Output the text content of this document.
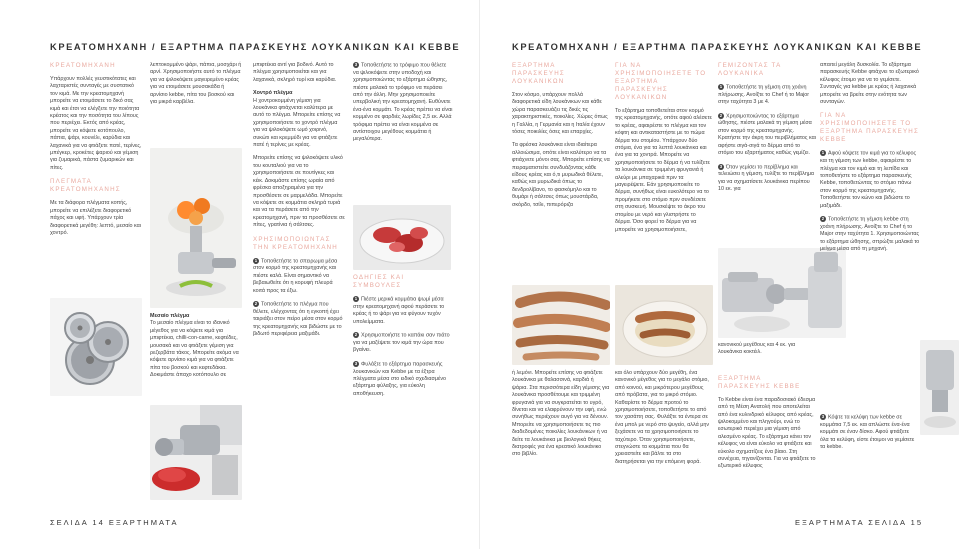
ΚΡΕΑΤΟΜΗΧΑΝΗ / ΕΞΑΡΤΗΜΑ ΠΑΡΑΣΚΕΥΗΣ ΛΟΥΚΑΝΙΚΩΝ ΚΑΙ ΚΕΒΒΕ
ΚΡΕΑΤΟΜΗΧΑΝΗ

Υπάρχουν πολλές γευστικότατες και λαχταριστές συνταγές με συστατικό τον κιμά. Με την κρεατομηχανή μπορείτε να ετοιμάσετε το δικό σας κιμά και έτσι να ελέγξετε την ποιότητα κρέατος και την ποσότητα του λίπους που περιέχει. Εκτός από κρέας, μπορείτε να κόψετε κοτόπουλο, πάπια, ψάρι, κουνέλι, καρύδια και λαχανικά για να φτιάξετε πατέ, τερίνες, μπέγκερ, κροκέτες ψαριού και γέμιση για ζυμαρικά, πάστα ζυμαρικών και πίτες.

ΠΛΕΓΜΑΤΑ ΚΡΕΑΤΟΜΗΧΑΝΗΣ

Με τα διάφορα πλέγματα κοπής, μπορείτε να επιλέξετε διαφορετικό πάχος και υφή. Υπάρχουν τρία διαφορετικά μεγέθη: λεπτό, μεσαίο και χοντρό.

λεπτοκομμένο ψάρι, πάπια, μοσχάρι ή αρνί. Χρησιμοποιήστε αυτό το πλέγμα για να ψιλοκόψετε μαγειρεμένο κρέας για να ετοιμάσετε μουσακάδα ή αρνίσιο kebbe, πίτα του βοσκού και για μικρά καρβέλα.

Μεσαίο πλέγμα

Το μεσαίο πλέγμα είναι το ιδανικό μέγεθος για να κόψετε κιμά για μπιφτέκια, chilli-con-carne, κεφτέδες, μουσακά και να φτιάξετε γέμιση για ρεζερβάτα τάκος. Μπορείτε ακόμα να κόψετε αρνίσιο κιμά για να φτιάξετε πίτα του βοσκού και κεφτεδάκια. Δοκιμάστε άπαχο κοτόπουλο σε

μπιφτέκια αντί για βοδινό. Αυτό το πλέγμα χρησιμοποιείται και για λαχανικά, σκληρό τυρί και καρύδια.

Χοντρό πλέγμα

Η χοντροκομμένη γέμιση για λουκάνικα φτιάχνεται καλύτερα με αυτό το πλέγμα. Μπορείτε επίσης να χρησιμοποιήσετε το χοντρό πλέγμα για να ψιλοκόψετε ωμό χοιρινό, συκώτι και κρεμμύδι για να φτιάξετε πατέ ή τερίνες με κρέας.

Μπορείτε επίσης να ψιλοκόψετε υλικό του κουταλιού για να το χρησιμοποιήσετε σε πουτίγκες και κέικ. Δοκιμάστε επίσης ωραία από φρέσκα αποξηραμένα για την προσθέσετε σε μαρμελάδα. Μπορείτε να κόψετε σε κομμάτια σκληρά τυριά και να τα περάσετε από την κρεατομηχανή, πριν τα προσθέσετε σε πίτες, γρατίνια ή σάλτσες.

ΧΡΗΣΙΜΟΠΟΙΩΝΤΑΣ ΤΗΝ ΚΡΕΑΤΟΜΗΧΑΝΗ

1 Τοποθετήστε το σπειρωμα μέσα στον κορμό της κρεατομηχανής και πιέστε καλά. Είναι σημαντικό να βεβαιωθείτε ότι η κορυφή πλευρά κοιτά προς τα έξω.

2 Τοποθετήστε το πλέγμα που θέλετε, ελέγχοντας ότι η εγκοπή έχει ταιριάξει στον πείρο μέσα στον κορμό της κρεατομηχανής και βιδώστε με το βιδωτό περιφέρεια μαξιμάδι.

3 Τοποθετήστε το τρόφιμο που θέλετε να ψιλοκόψετε στην υποδοχή και χρησιμοποιώντας το εξάρτημα ώθησης, πιέστε μαλακά το τρόφιμο να περάσει από την άλλη. Μην χρησιμοποιείτε υπερβολική την κρεατομηχανή. Ευθύνετε ένα-ένα κομμάτι. Το κρέας πρέπει να είναι κομμένο σε φαρδιές λωρίδες 2,5 εκ. Αλλά τρόφιμα πρέπει να είναι κομμένα σε αντίστοιχου μεγέθους κομμάτια ή μεγαλύτερα.

ΟΔΗΓΙΕΣ ΚΑΙ ΣΥΜΒΟΥΛΕΣ

1 Πιέστε μερικά κομμάτια ψωμί μέσα στην κρεατομηχανή αφού περάσετε το κρέας ή το ψάρι για να φύγουν τυχόν υπολείμματα.

2 Χρησιμοποιήστε το καπάκι σαν πιάτο για να μαζέψετε τον κιμά την ώρα που βγαίνει.

3 Φυλάξτε το εξάρτημα παρασκευής λουκανικών και Kebbe με τα έξτρα πλέγματα μέσα στο ειδικό σχεδιασμένο εξάρτημα φύλαξης, για εύκολη αποθήκευση.

ΣΕΛΙΔΑ 14 ΕΞΑΡΤΗΜΑΤΑ
ΚΡΕΑΤΟΜΗΧΑΝΗ / ΕΞΑΡΤΗΜΑ ΠΑΡΑΣΚΕΥΗΣ ΛΟΥΚΑΝΙΚΩΝ ΚΑΙ ΚΕΒΒΕ
ΕΞΑΡΤΗΜΑ ΠΑΡΑΣΚΕΥΗΣ ΛΟΥΚΑΝΙΚΩΝ

Στον κόσμο, υπάρχουν πολλά διαφορετικά είδη λουκάνικων και κάθε χώρα παρασκευάζει τις δικές τις χαρακτηριστικές, ποικιλίες. Χώρες όπως η Γαλλία, η Γερμανία και η Ιταλία έχουν τόσες ποικιλίες όσες και επαρχίες.

Τα φρέσκα λουκάνικα είναι ιδιαίτερα αλλοιώσιμα, οπότε είναι καλύτερο να τα φτιάχνετε μόνοι σας. Μπορείτε επίσης να πειραματιστείτε συνδυάζοντας κάθε είδους κρέας και ό,τι μυρωδικά θέλετε, καθώς και μυρωδικά όπως το δενδρολίβανο, το φασκόμηλο και το θυμάρι ή σάλτσες όπως μουστάρδα, σκόρδο, τσίλι, πιπερόριζα

ή λεμόνι. Μπορείτε επίσης να φτιάξετε λουκάνικα με θαλασσινά, καρδιά ή ψάρια. Στα περισσότερα είδη γέμισης για λουκάνικα προσθέτουμε και τριμμένη φρυγανιά για να συγκρατείται το υγρό, δίνεται και να ελαφρύνουν την υφή, ενώ συνήθως περιέχουν αυγό για να δένουν. Μπορείτε να χρησιμοποιήσετε τις πιο διαδεδομένες ποικιλίες λουκάνικων ή να δείτε τα λουκάνικα με βιολογικά θήκες διατροφές για ένα κρεατικό λουκάνικο στο βιβλίο.

ΓΙΑ ΝΑ ΧΡΗΣΙΜΟΠΟΙΗΣΕΤΕ ΤΟ ΕΞΑΡΤΗΜΑ ΠΑΡΑΣΚΕΥΗΣ ΛΟΥΚΑΝΙΚΩΝ

Το εξάρτημα τοποθετείται στον κορμό της κρεατομηχανής, οπότε αφού αλέσετε το κρέας, αφαιρέστε το πλέγμα και τον κόφτη και αντικαταστήστε με το πώμα δέρμα του στομίου. Υπάρχουν δύο στόμια, ένα για τα λεπτά λουκάνικα και ένα για τα χοντρά. Μπορείτε να χρησιμοποιήσετε το δέρμα ή να τυλίξετε τα λουκάνικα σε τριμμένη φρυγανιά ή αλεύρι με μπαχαρικά πριν τα μαγειρέψετε. Εάν χρησιμοποιείτε το δέρμα, συνήθως είναι ευκολότερο να το προμήκετε στο στόμιο πριν συνδέσετε στη συσκευή. Μουσκέψτε το άκρο του στομίου με νερό και γλιστρήστε το δέρμα. Όσο φορεί το δέρμα για να μπορείτε να χρησιμοποιήσετε,

και όλο υπάρχουν δύο μεγέθη, ένα κανονικό μέγεθος για το μεγάλο στόμιο, από κοινού, και μικρότερου μεγέθους από πρόβατα, για το μικρό στόμιο. Καθαρίστε το δέρμα προτού το χρησιμοποιήσετε, τοποθετήστε το από τον χασάπη σας. Φυλάξτε τα έντερα σε ένα μπολ με νερό στο ψυγείο, αλλά μην ξεχάσετε να τα χρησιμοποιήσετε το ταχύτερο. Όταν χρησιμοποιήσετε, στεγνώστε τα κομμάτια που θα χρειαστείτε και βάλτε τα στο διατηρήσεται για την επόμενη φορά.

ΓΕΜΙΖΟΝΤΑΣ ΤΑ ΛΟΥΚΑΝΙΚΑ

1 Τοποθετήστε τη γέμιση στη χοάνη πλήρωσης. Ανοίξτε το Chef ή το Major στην ταχύτητα 3 με 4.

2 Χρησιμοποιώντας το εξάρτημα ώθησης, πιέστε μαλακά τη γέμιση μέσα στον κορμό της κρεατομηχανής. Κρατήστε την άκρη του περιβλήματος και αφήστε σιγά-σιγά το δέρμα από το στόμιο του εξαρτήματος καθώς γεμίζει.

3 Όταν γεμίσει το περίβλημα και τελειώσει η γέμιση, τυλίξτε το περίβλημα για να σχηματίσετε λουκάνικα περίπου 10 εκ. για

κανονικού μεγέθους και 4 εκ. για λουκάνικα κοκτέιλ.

ΕΞΑΡΤΗΜΑ ΠΑΡΑΣΚΕΥΗΣ ΚΕΒΒΕ

Το Kebbe είναι ένα παραδοσιακό έδεσμα από τη Μέση Ανατολή που αποτελείται από ένα κυλινδρικό κέλυφος από κρέας, ψιλοκομμένο και πληγούρι, ενώ το εσωτερικό περιέχει μια γέμιση από αλεσμένο κρέας. Το εξάρτημα κάνει τον κέλυφος να είναι εύκολο να φτιάξετε και εύκολο σχηματίζεις ένα βίαιο. Στη συνέχεια, τηγανίζονται. Για να φτιάξετε το εξωτερικό κέλυφος

απαιτεί μεγάλη δυσκολία. Το εξάρτημα παρασκευής Kebbe φτιάχνει το εξωτερικό κέλυφος έτοιμο για να το γεμίσετε. Συνταγές για kebbe με κρέας ή λαχανικά μπορείτε να βρείτε στην ενότητα των συνταγών.

ΓΙΑ ΝΑ ΧΡΗΣΙΜΟΠΟΙΗΣΕΤΕ ΤΟ ΕΞΑΡΤΗΜΑ ΠΑΡΑΣΚΕΥΗΣ KEBBE

1 Αφού κόψετε τον κιμά για το κέλυφος και τη γέμιση των kebbe, αφαιρέστε το πλέγμα και τον κιμά και τη λεπίδα και τοποθετήστε το εξάρτημα παρασκευής Kebbe, τοποθετώντας το στόμιο πάνω στον κορμό της κρεατομηχανής. Τοποθετήστε τον κώνο και βιδώστε το μαξιμάδι.

2 Τοποθετήστε τη γέμιση kebbe στη χοάνη πλήρωσης. Ανοίξτε το Chef ή το Major στην ταχύτητα 1. Χρησιμοποιώντας το εξάρτημα ώθησης, σπρώξτε μαλακά το μείγμα μέσα από τη μηχανή.

3 Κόψτε τα κελύφη των kebbe σε κομμάτια 7,5 εκ. και απλώστε ένα-ένα κομμάτι σε έναν δίσκο. Αφού φτιάξετε όλα τα κελύφη, είστε έτοιμοι να γεμίσετε τα kebbe.

ΕΞΑΡΤΗΜΑΤΑ ΣΕΛΙΔΑ 15
